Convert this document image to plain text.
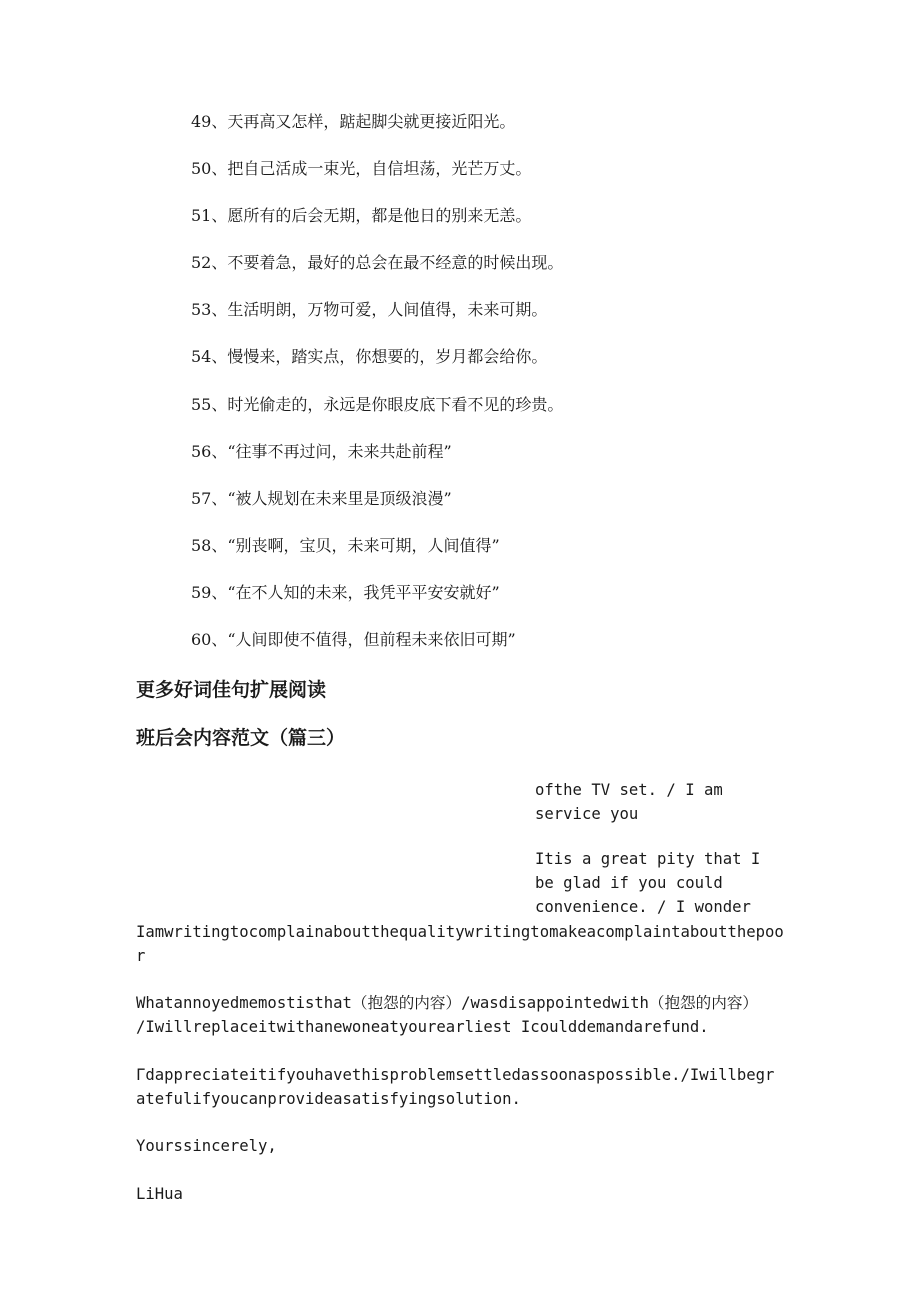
49、天再高又怎样，踮起脚尖就更接近阳光。
50、把自己活成一束光，自信坦荡，光芒万丈。
51、愿所有的后会无期，都是他日的别来无恙。
52、不要着急，最好的总会在最不经意的时候出现。
53、生活明朗，万物可爱，人间值得，未来可期。
54、慢慢来，踏实点，你想要的，岁月都会给你。
55、时光偷走的，永远是你眼皮底下看不见的珍贵。
56、“往事不再过问，未来共赴前程”
57、“被人规划在未来里是顶级浪漫”
58、“别丧啊，宝贝，未来可期，人间值得”
59、“在不人知的未来，我凭平平安安就好”
60、“人间即使不值得，但前程未来依旧可期”
更多好词佳句扩展阅读
班后会内容范文（篇三）
ofthe TV set. / I am
service you
Itis a great pity that I
be glad if you could
convenience. / I wonder
Iamwritingtocomplainaboutthequalitywritingtomakeacomplaintaboutthepoo
r
Whatannoyedmemostisthat（抱怨的内容）/wasdisappointedwith（抱怨的内容）
/Iwillreplaceitwithanewoneatyourearliest Icoulddemandarefund.
Γdappreciateitifyouhavethisproblemsettledassoonaspossible./Iwillbegr
atefulifyoucanprovideasatisfyingsolution.
Yourssincerely,
LiHua
